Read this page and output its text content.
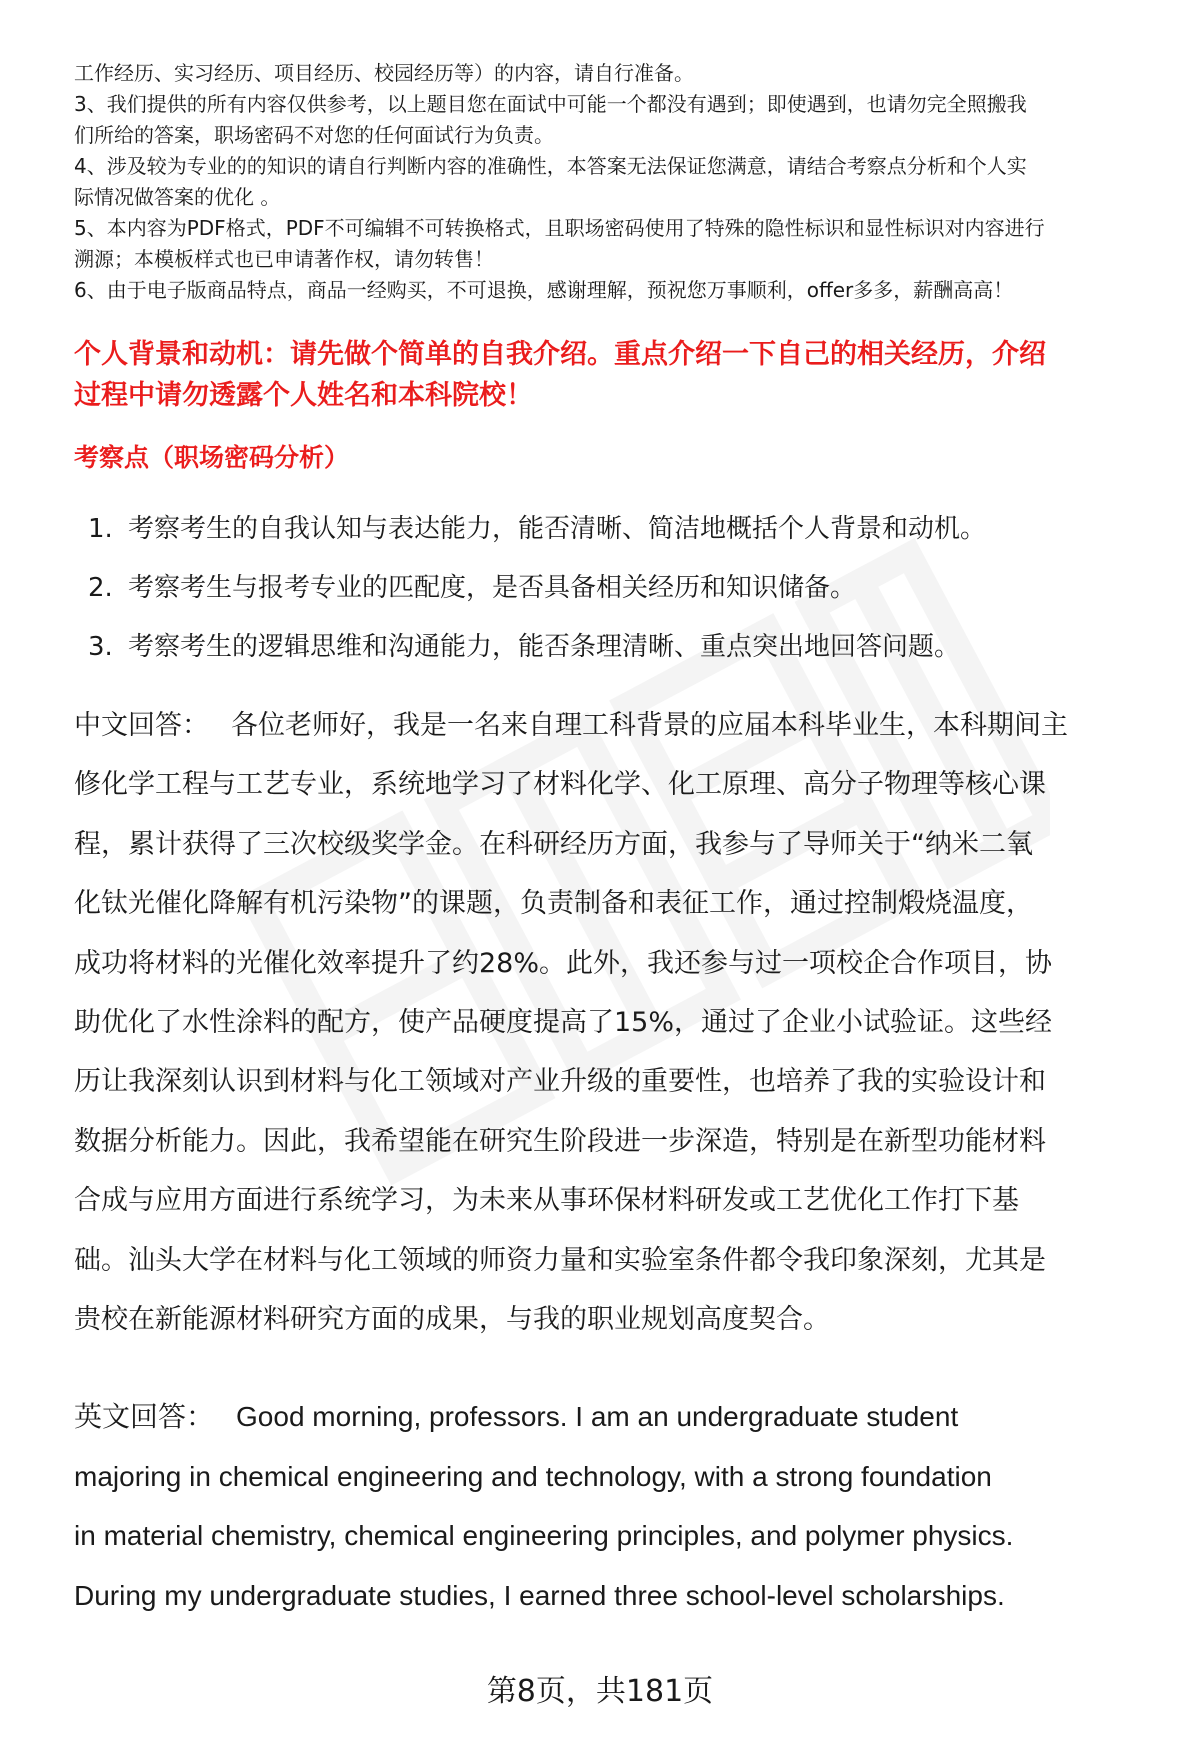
工作经历、实习经历、项目经历、校园经历等）的内容，请自行准备。

3、我们提供的所有内容仅供参考，以上题目您在面试中可能一个都没有遇到；即使遇到，也请勿完全照搬我

们所给的答案，职场密码不对您的任何面试行为负责。

4、涉及较为专业的的知识的请自行判断内容的准确性，本答案无法保证您满意，请结合考察点分析和个人实

际情况做答案的优化 。

5、本内容为PDF格式，PDF不可编辑不可转换格式，且职场密码使用了特殊的隐性标识和显性标识对内容进行

溯源；本模板样式也已申请著作权，请勿转售！

6、由于电子版商品特点，商品一经购买，不可退换，感谢理解，预祝您万事顺利，offer多多，薪酬高高！

个人背景和动机：请先做个简单的自我介绍。重点介绍一下自己的相关经历，介绍
过程中请勿透露个人姓名和本科院校！
考察点（职场密码分析）
1. 考察考生的自我认知与表达能力，能否清晰、简洁地概括个人背景和动机。
2. 考察考生与报考专业的匹配度，是否具备相关经历和知识储备。
3. 考察考生的逻辑思维和沟通能力，能否条理清晰、重点突出地回答问题。
中文回答： 各位老师好，我是一名来自理工科背景的应届本科毕业生，本科期间主
修化学工程与工艺专业，系统地学习了材料化学、化工原理、高分子物理等核心课
程，累计获得了三次校级奖学金。在科研经历方面，我参与了导师关于“纳米二氧
化钛光催化降解有机污染物”的课题，负责制备和表征工作，通过控制煅烧温度，
成功将材料的光催化效率提升了约28%。此外，我还参与过一项校企合作项目，协
助优化了水性涂料的配方，使产品硬度提高了15%，通过了企业小试验证。这些经
历让我深刻认识到材料与化工领域对产业升级的重要性，也培养了我的实验设计和
数据分析能力。因此，我希望能在研究生阶段进一步深造，特别是在新型功能材料
合成与应用方面进行系统学习，为未来从事环保材料研发或工艺优化工作打下基
础。汕头大学在材料与化工领域的师资力量和实验室条件都令我印象深刻，尤其是
贵校在新能源材料研究方面的成果，与我的职业规划高度契合。
英文回答： Good morning, professors. I am an undergraduate student
majoring in chemical engineering and technology, with a strong foundation
in material chemistry, chemical engineering principles, and polymer physics.
During my undergraduate studies, I earned three school-level scholarships.
第8页，共181页
